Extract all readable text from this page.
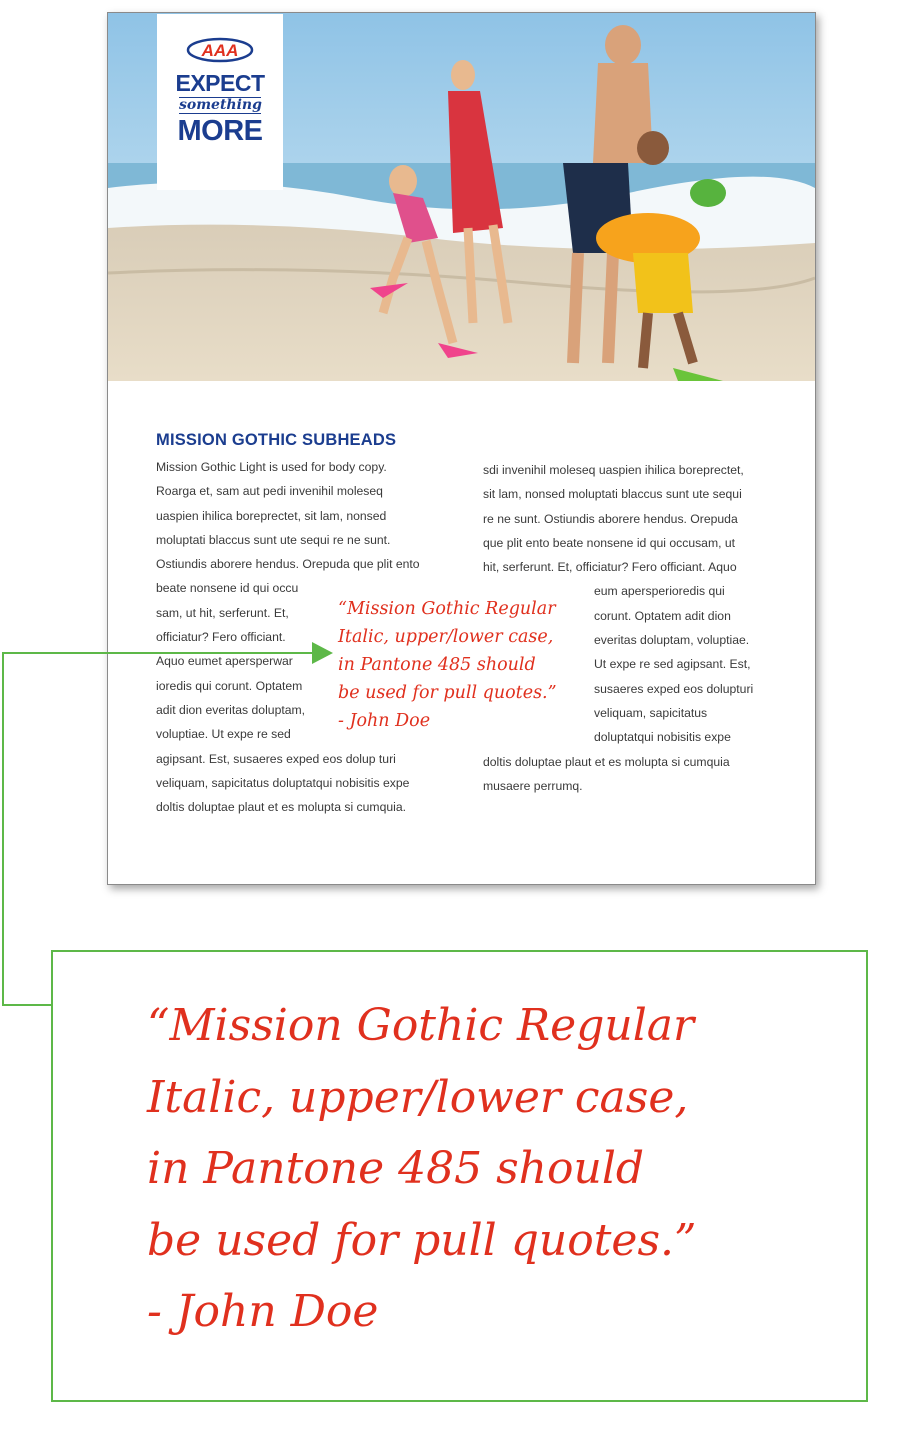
AAA
EXPECT
something
MORE
MISSION GOTHIC SUBHEADS
Mission Gothic Light is used for body copy.
Roarga et, sam aut pedi invenihil moleseq
uaspien ihilica boreprectet, sit lam, nonsed
moluptati blaccus sunt ute sequi re ne sunt.
Ostiundis aborere hendus. Orepuda que plit ento
beate nonsene id qui occu
sam, ut hit, serferunt. Et,
officiatur? Fero officiant.
Aquo eumet apersperwar
ioredis qui corunt. Optatem
adit dion everitas doluptam,
voluptiae. Ut expe re sed
agipsant. Est, susaeres exped eos dolup turi
veliquam, sapicitatus doluptatqui nobisitis expe
doltis doluptae plaut et es molupta si cumquia.
sdi invenihil moleseq uaspien ihilica boreprectet,
sit lam, nonsed moluptati blaccus sunt ute sequi
re ne sunt. Ostiundis aborere hendus. Orepuda
que plit ento beate nonsene id qui occusam, ut
hit, serferunt. Et, officiatur? Fero officiant. Aquo
eum apersperioredis qui
corunt. Optatem adit dion
everitas doluptam, voluptiae.
Ut expe re sed agipsant. Est,
susaeres exped eos dolupturi
veliquam, sapicitatus
doluptatqui nobisitis expe
doltis doluptae plaut et es molupta si cumquia
musaere perrumq.
“Mission Gothic Regular
Italic, upper/lower case,
in Pantone 485 should
be used for pull quotes.”
- John Doe
“Mission Gothic Regular
Italic, upper/lower case,
in Pantone 485 should
be used for pull quotes.”
- John Doe
